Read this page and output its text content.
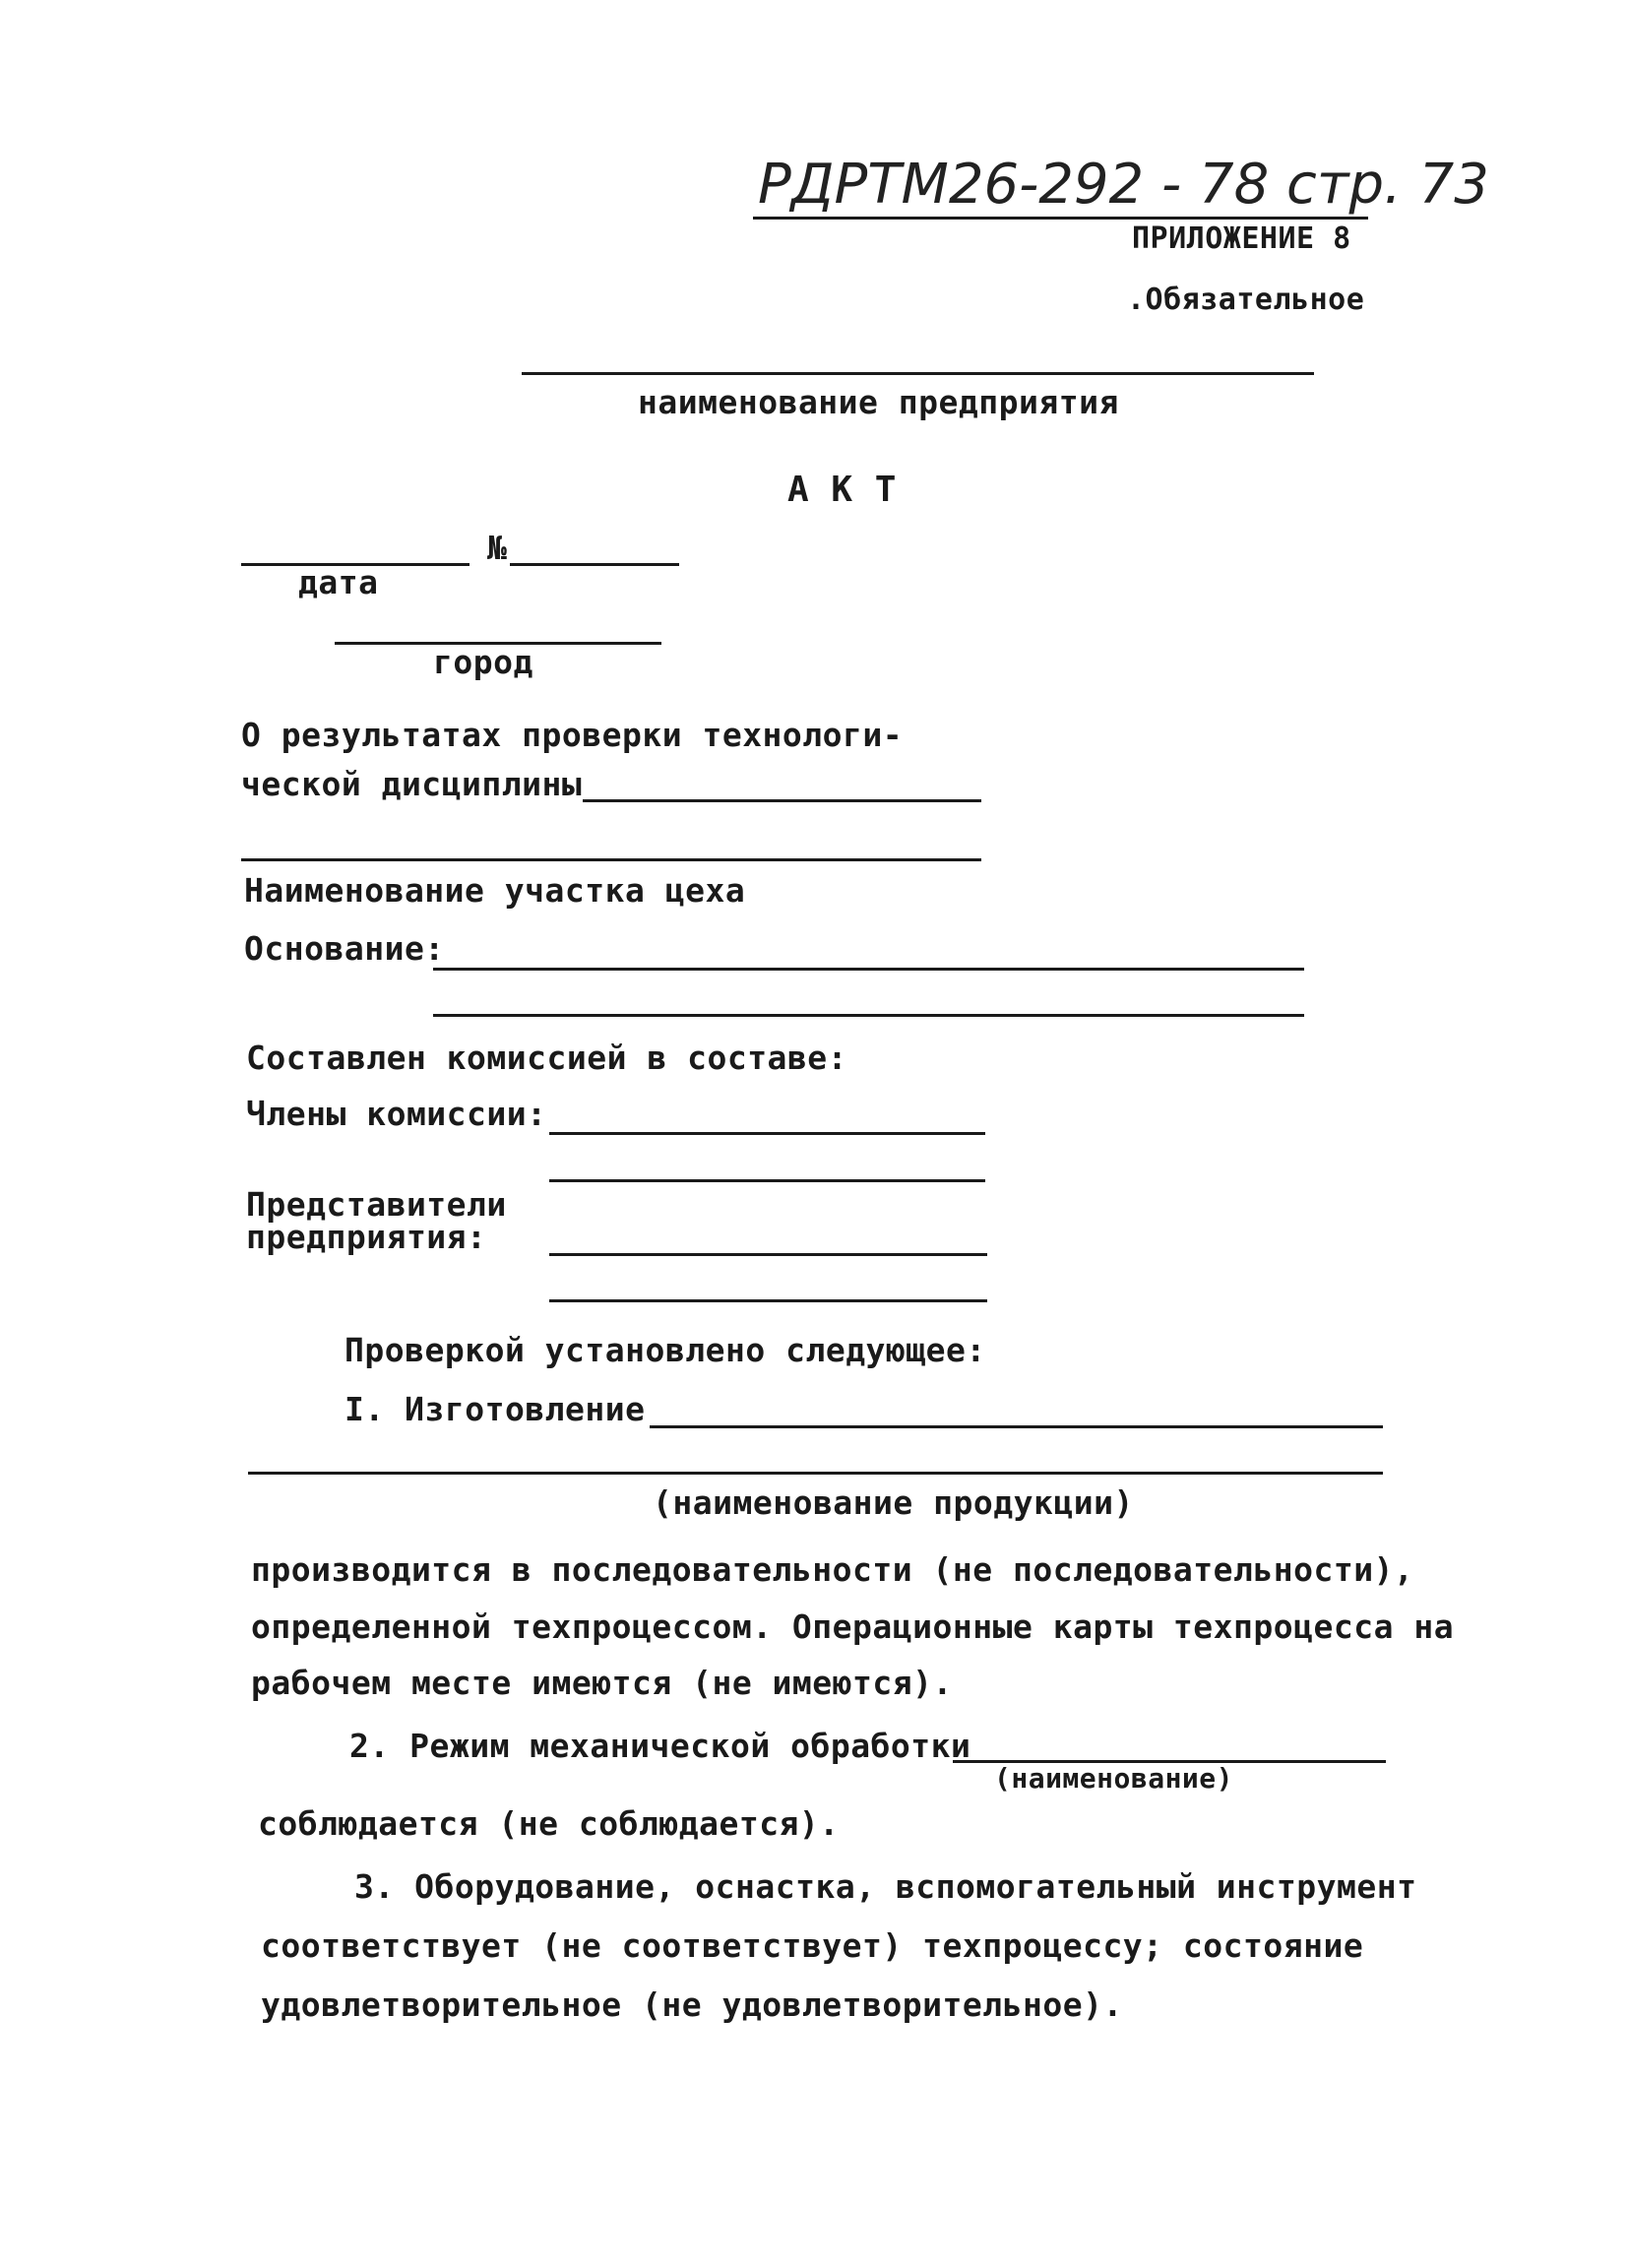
РДРТМ26-292 - 78 стр. 73
ПРИЛОЖЕНИЕ 8
.Обязательное
наименование предприятия
А К Т
№
дата
город
О результатах проверки технологи-
ческой дисциплины
Наименование участка цеха
Основание:
Составлен комиссией в составе:
Члены комиссии:
Представители
предприятия:
Проверкой установлено следующее:
I. Изготовление
(наименование продукции)
производится в последовательности (не последовательности),
определенной техпроцессом. Операционные карты техпроцесса на
рабочем месте имеются (не имеются).
2. Режим механической обработки
(наименование)
соблюдается (не соблюдается).
3. Оборудование, оснастка, вспомогательный инструмент
соответствует (не соответствует) техпроцессу; состояние
удовлетворительное (не удовлетворительное).
